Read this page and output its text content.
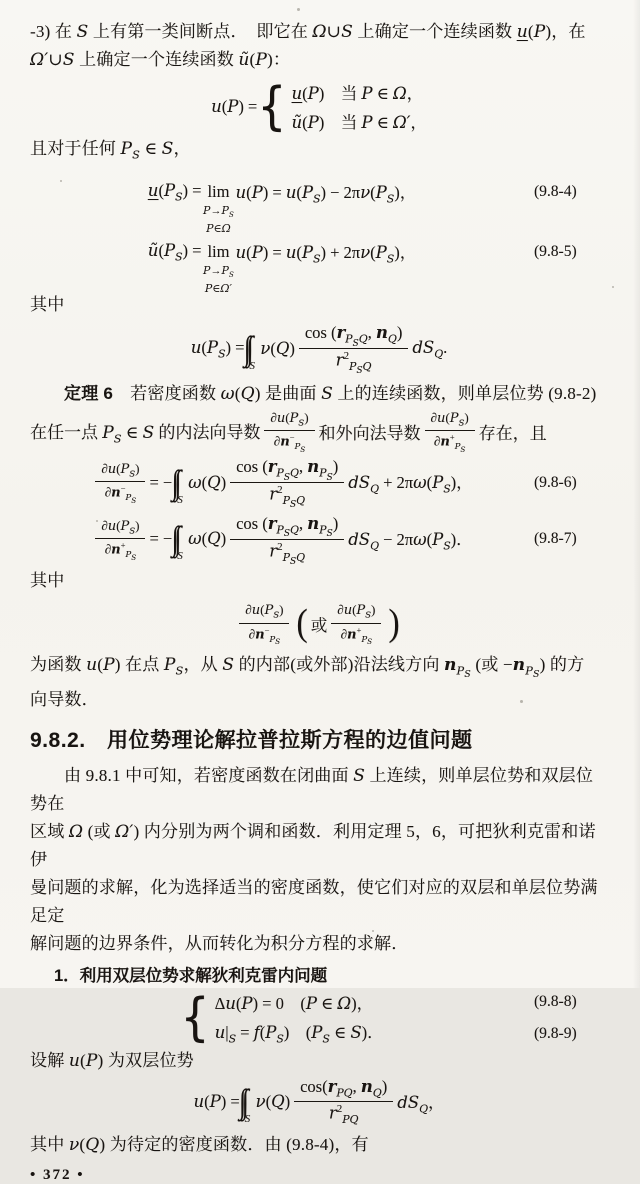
-3) 在 S 上有第一类间断点．　即它在 Ω∪S 上确定一个连续函数 u(P)，在
Ω′∪S 上确定一个连续函数 ũ(P)：
u(P) = { u(P)　当 P ∈ Ω，
ũ(P)　当 P ∈ Ω′，
且对于任何 $P_S$ ∈ S，
$u(P_S) = \lim$
$P\to P_S$
P∈Ω
$u(P) = u(P_S) - 2\pi\nu(P_S)$，	(9.8-4)
$ũ(P_S) = \lim$
$P\to P_S$
P∈Ω′
$u(P) = u(P_S) + 2\pi\nu(P_S)$，	(9.8-5)
其中
$u(P_S)$ =
S
$\nu(Q) \frac{\cos (r_{PSQ}, n_Q)}{r^2_{PSQ}} dS_Q$.
定理 6　若密度函数 ω(Q) 是曲面 S 上的连续函数，则单层位势 (9.8-2)
在任一点 $P_S$ ∈ S 的内法向导数 $\frac{\partial u(P_S)}{\partial n^-_{PS}}$ 和外向法导数 $\frac{\partial u(P_S)}{\partial n^+_{PS}}$ 存在，且
$\frac{\partial u(P_S)}{\partial n^-_{PS}}$ = −
S
$\omega(Q) \frac{\cos (r_{PSQ}, n_{PS})}{r^2_{PSQ}} dS_Q + 2\pi\omega(P_S)$，	(9.8-6)
$\frac{\partial u(P_S)}{\partial n^+_{PS}}$ = −
S
$\omega(Q) \frac{\cos (r_{PSQ}, n_{PS})}{r^2_{PSQ}} dS_Q - 2\pi\omega(P_S)$．	(9.8-7)
其中
$\frac{\partial u(P_S)}{\partial n^-_{PS}}$ ( 或 $\frac{\partial u(P_S)}{\partial n^+_{PS}}$ )
为函数 u(P) 在点 $P_S$，从 S 的内部(或外部)沿法线方向 $n_{PS}$ (或 $-n_{PS}$) 的方
向导数．
9.8.2.　用位势理论解拉普拉斯方程的边值问题
由 9.8.1 中可知，若密度函数在闭曲面 S 上连续，则单层位势和双层位势在
区域 Ω (或 Ω′) 内分别为两个调和函数．利用定理 5，6，可把狄利克雷和诺伊
曼问题的求解，化为选择适当的密度函数，使它们对应的双层和单层位势满足定
解问题的边界条件，从而转化为积分方程的求解．
1．利用双层位势求解狄利克雷内问题
{ Δu(P) = 0　(P ∈ Ω)，
$u|_S = f(P_S)$　($P_S$ ∈ S)．
(9.8-8)
(9.8-9)
设解 u(P) 为双层位势
u(P) =
S
$\nu(Q) \frac{\cos(r_{PQ}, n_Q)}{r^2_{PQ}} dS_Q$，
其中 ν(Q) 为待定的密度函数．由 (9.8-4)，有
• 372 •
